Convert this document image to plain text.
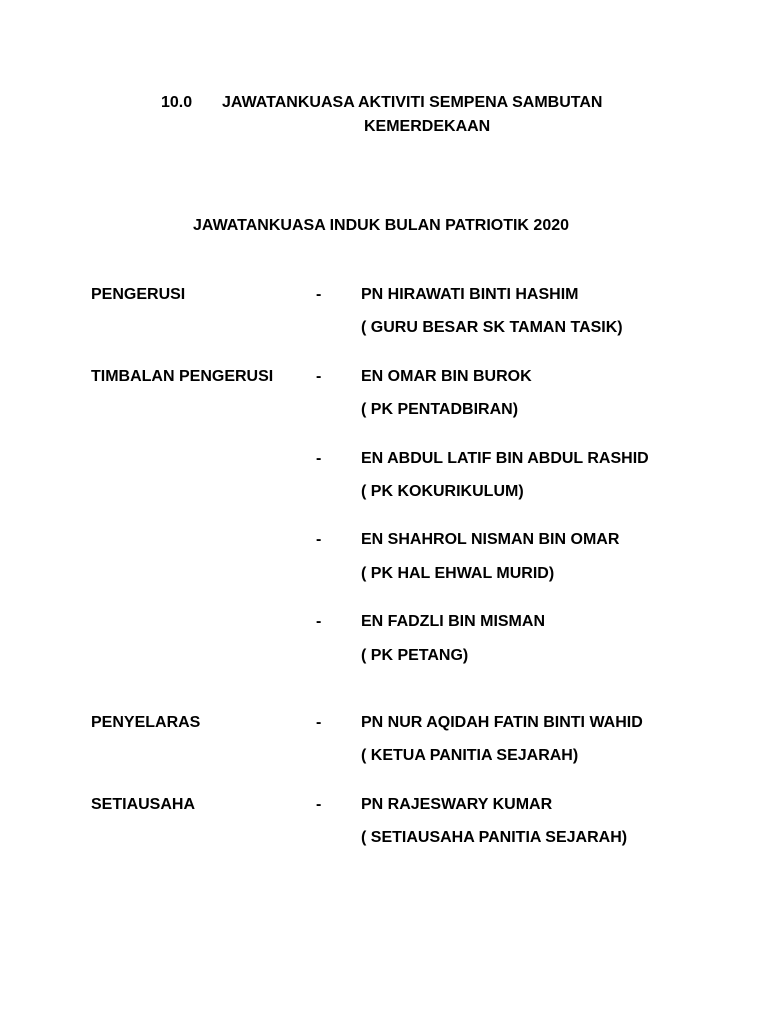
10.0 JAWATANKUASA AKTIVITI SEMPENA SAMBUTAN
KEMERDEKAAN
JAWATANKUASA INDUK BULAN PATRIOTIK 2020
PENGERUSI	- PN HIRAWATI BINTI HASHIM
( GURU BESAR SK TAMAN TASIK)
TIMBALAN PENGERUSI	- EN OMAR BIN BUROK
( PK PENTADBIRAN)
- EN ABDUL LATIF BIN ABDUL RASHID
( PK KOKURIKULUM)
- EN SHAHROL NISMAN BIN OMAR
( PK HAL EHWAL MURID)
- EN FADZLI BIN MISMAN
( PK PETANG)
PENYELARAS	- PN NUR AQIDAH FATIN BINTI WAHID
( KETUA PANITIA SEJARAH)
SETIAUSAHA	- PN RAJESWARY KUMAR
( SETIAUSAHA PANITIA SEJARAH)
